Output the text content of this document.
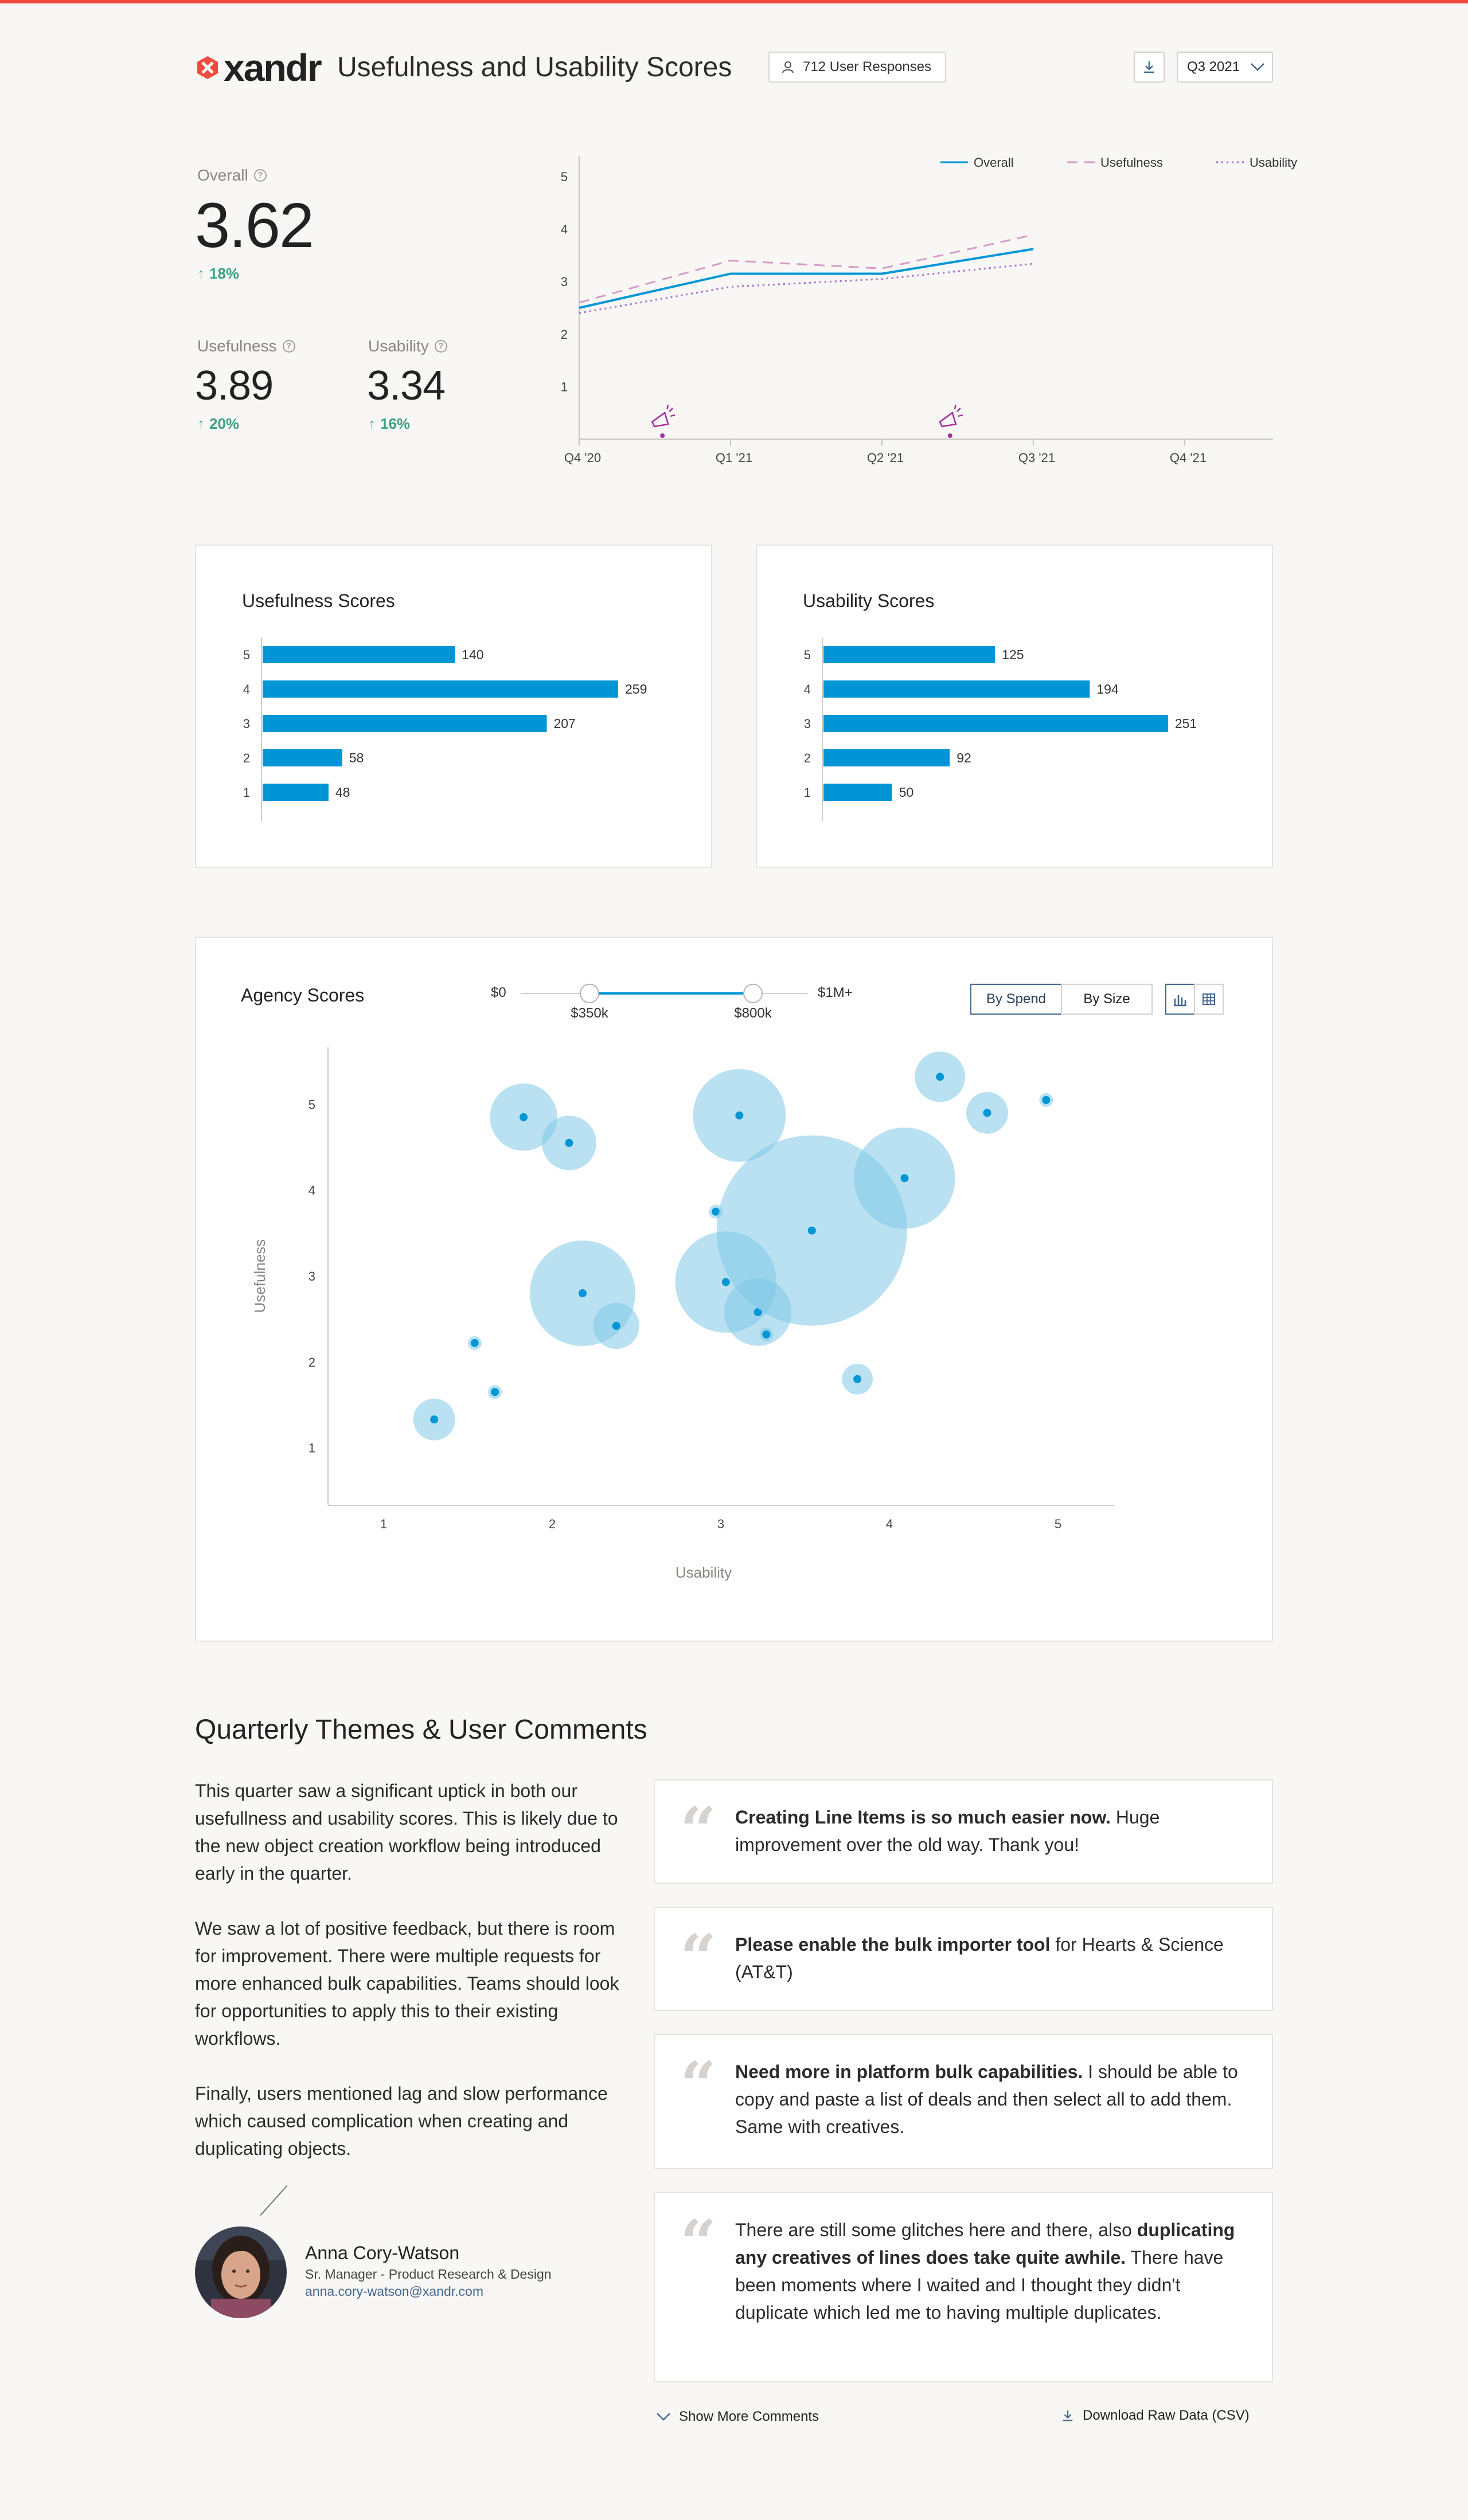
xandr Usefulness and Usability Scores	712 User Responses	Q3 2021
Overall	?
3.62
↑ 18%
Usefulness	?
3.89
↑ 20%
Usability	?
3.34
↑ 16%
1
2
3
4
5
Q4 '20	Q1 '21	Q2 '21	Q3 '21	Q4 '21
Overall	Usefulness	Usability
Usefulness Scores
5	140
4	259
3	207
2	58
1	48
Usability Scores
5	125
4	194
3	251
2	92
1	50
Agency Scores	$0	$1M+
$350k	$800k
By Spend	By Size
1
2
3
4
5
1	2	3	4	5
Usability
Usefulness
Quarterly Themes & User Comments
This quarter saw a significant uptick in both our usefullness and usability scores. This is likely due to the new object creation workflow being introduced early in the quarter.
We saw a lot of positive feedback, but there is room for improvement. There were multiple requests for more enhanced bulk capabilities. Teams should look for opportunities to apply this to their existing workflows.
Finally, users mentioned lag and slow performance which caused complication when creating and duplicating objects.
Anna Cory-Watson
Sr. Manager - Product Research & Design
anna.cory-watson@xandr.com
“ Creating Line Items is so much easier now. Huge improvement over the old way. Thank you!
“ Please enable the bulk importer tool for Hearts & Science (AT&T)
“ Need more in platform bulk capabilities. I should be able to copy and paste a list of deals and then select all to add them. Same with creatives.
“ There are still some glitches here and there, also duplicating any creatives of lines does take quite awhile. There have been moments where I waited and I thought they didn't duplicate which led me to having multiple duplicates.
Show More Comments	Download Raw Data (CSV)
